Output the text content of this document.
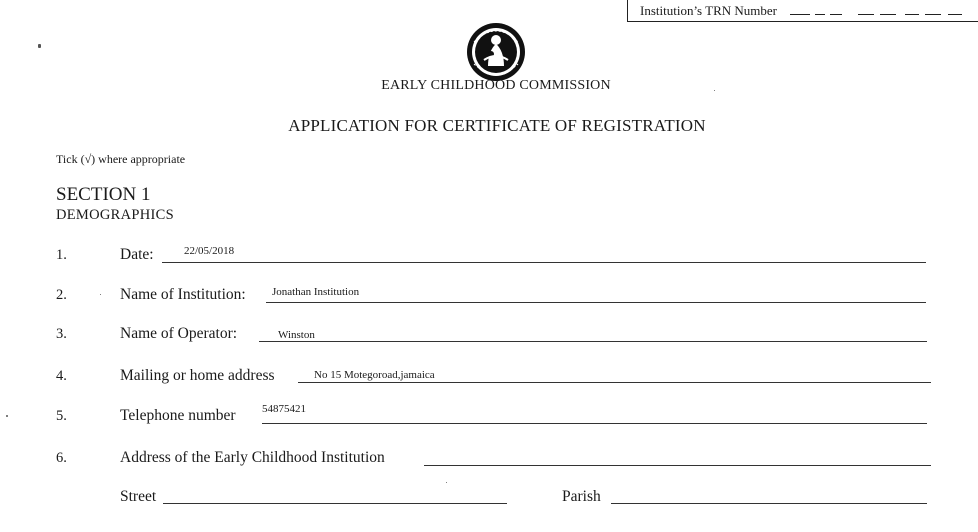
Institution’s TRN Number
EARLY CHILDHOOD COMMISSION
APPLICATION FOR CERTIFICATE OF REGISTRATION
Tick (√) where appropriate
SECTION 1
DEMOGRAPHICS
1.	Date:	22/05/2018
2.	Name of Institution: Jonathan Institution
3.	Name of Operator:	Winston
4.	Mailing or home address	No 15 Motegoroad,jamaica
5.	Telephone number 54875421
6.	Address of the Early Childhood Institution
Street	Parish
